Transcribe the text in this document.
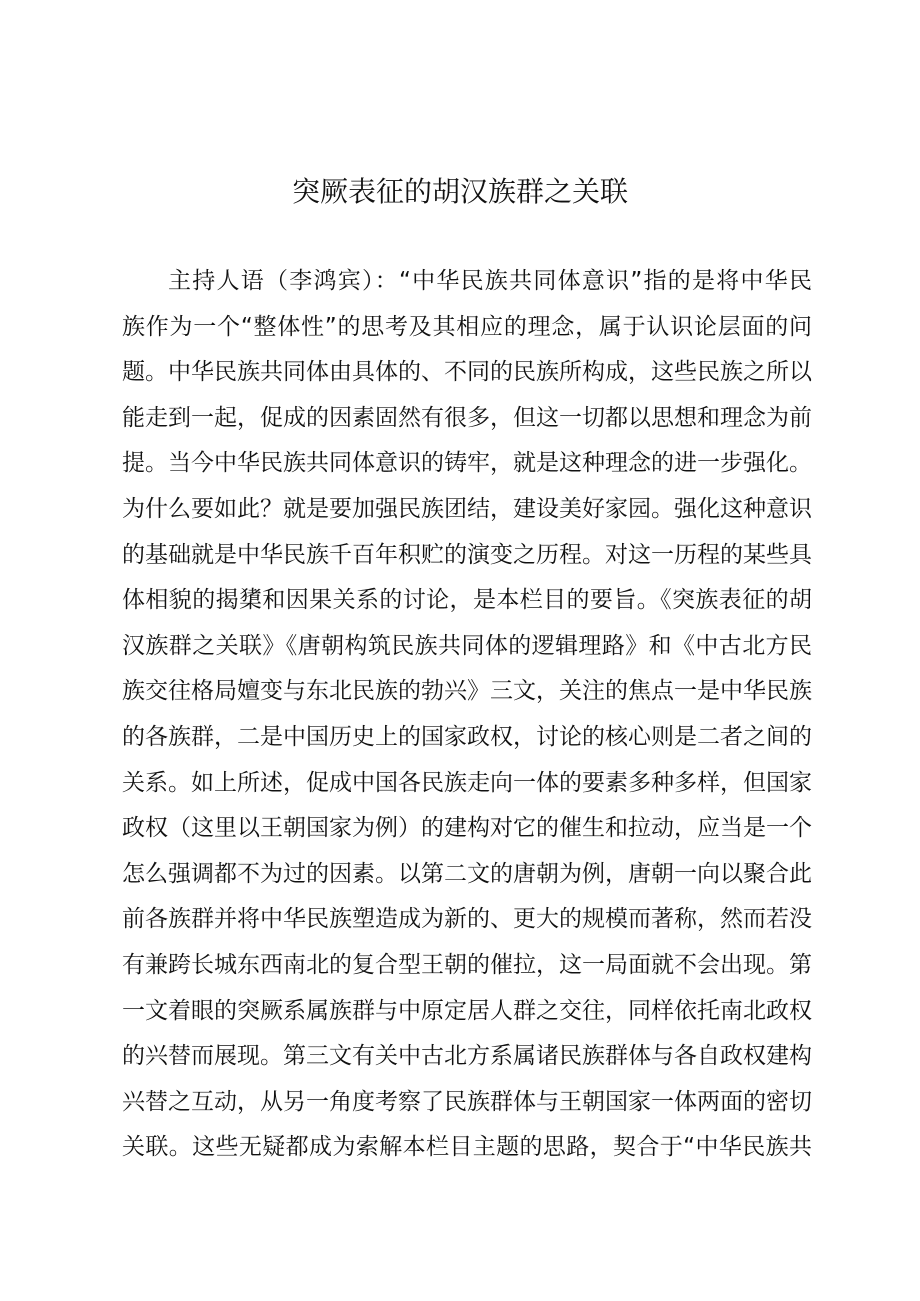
突厥表征的胡汉族群之关联
主持人语（李鸿宾）：“中华民族共同体意识”指的是将中华民
族作为一个“整体性”的思考及其相应的理念，属于认识论层面的问
题。中华民族共同体由具体的、不同的民族所构成，这些民族之所以
能走到一起，促成的因素固然有很多，但这一切都以思想和理念为前
提。当今中华民族共同体意识的铸牢，就是这种理念的进一步强化。
为什么要如此？就是要加强民族团结，建设美好家园。强化这种意识
的基础就是中华民族千百年积贮的演变之历程。对这一历程的某些具
体相貌的揭橥和因果关系的讨论，是本栏目的要旨。《突族表征的胡
汉族群之关联》《唐朝构筑民族共同体的逻辑理路》和《中古北方民
族交往格局嬗变与东北民族的勃兴》三文，关注的焦点一是中华民族
的各族群，二是中国历史上的国家政权，讨论的核心则是二者之间的
关系。如上所述，促成中国各民族走向一体的要素多种多样，但国家
政权（这里以王朝国家为例）的建构对它的催生和拉动，应当是一个
怎么强调都不为过的因素。以第二文的唐朝为例，唐朝一向以聚合此
前各族群并将中华民族塑造成为新的、更大的规模而著称，然而若没
有兼跨长城东西南北的复合型王朝的催拉，这一局面就不会出现。第
一文着眼的突厥系属族群与中原定居人群之交往，同样依托南北政权
的兴替而展现。第三文有关中古北方系属诸民族群体与各自政权建构
兴替之互动，从另一角度考察了民族群体与王朝国家一体两面的密切
关联。这些无疑都成为索解本栏目主题的思路，契合于“中华民族共
